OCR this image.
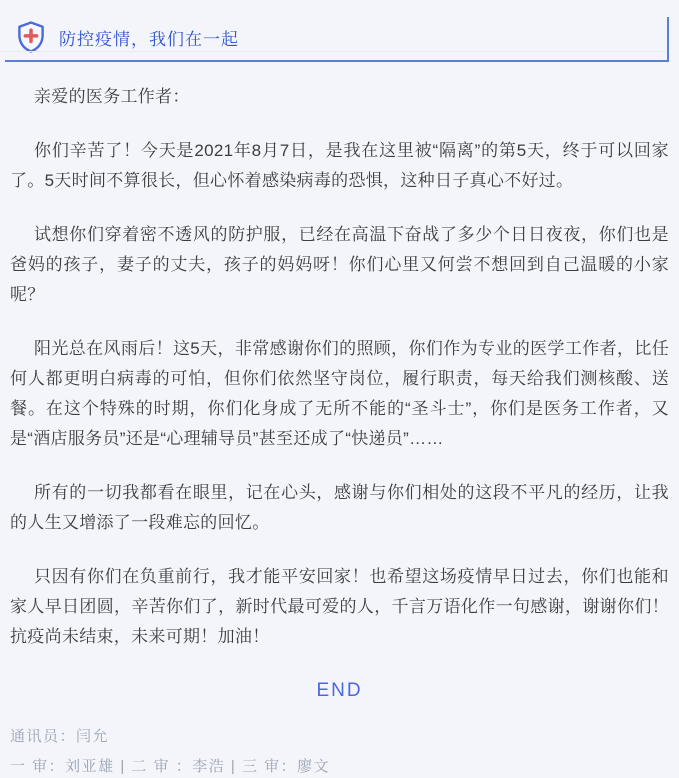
防控疫情，我们在一起

亲爱的医务工作者：

你们辛苦了！今天是2021年8月7日，是我在这里被“隔离”的第5天，终于可以回家了。5天时间不算很长，但心怀着感染病毒的恐惧，这种日子真心不好过。

试想你们穿着密不透风的防护服，已经在高温下奋战了多少个日日夜夜，你们也是爸妈的孩子，妻子的丈夫，孩子的妈妈呀！你们心里又何尝不想回到自己温暖的小家呢？

阳光总在风雨后！这5天，非常感谢你们的照顾，你们作为专业的医学工作者，比任何人都更明白病毒的可怕，但你们依然坚守岗位，履行职责，每天给我们测核酸、送餐。在这个特殊的时期，你们化身成了无所不能的“圣斗士”，你们是医务工作者，又是“酒店服务员”还是“心理辅导员”甚至还成了“快递员”……

所有的一切我都看在眼里，记在心头，感谢与你们相处的这段不平凡的经历，让我的人生又增添了一段难忘的回忆。

只因有你们在负重前行，我才能平安回家！也希望这场疫情早日过去，你们也能和家人早日团圆，辛苦你们了，新时代最可爱的人，千言万语化作一句感谢，谢谢你们！抗疫尚未结束，未来可期！加油！

END
通讯员：闫允
一 审：刘亚雄 | 二 审 ：李浩 | 三 审：廖文
